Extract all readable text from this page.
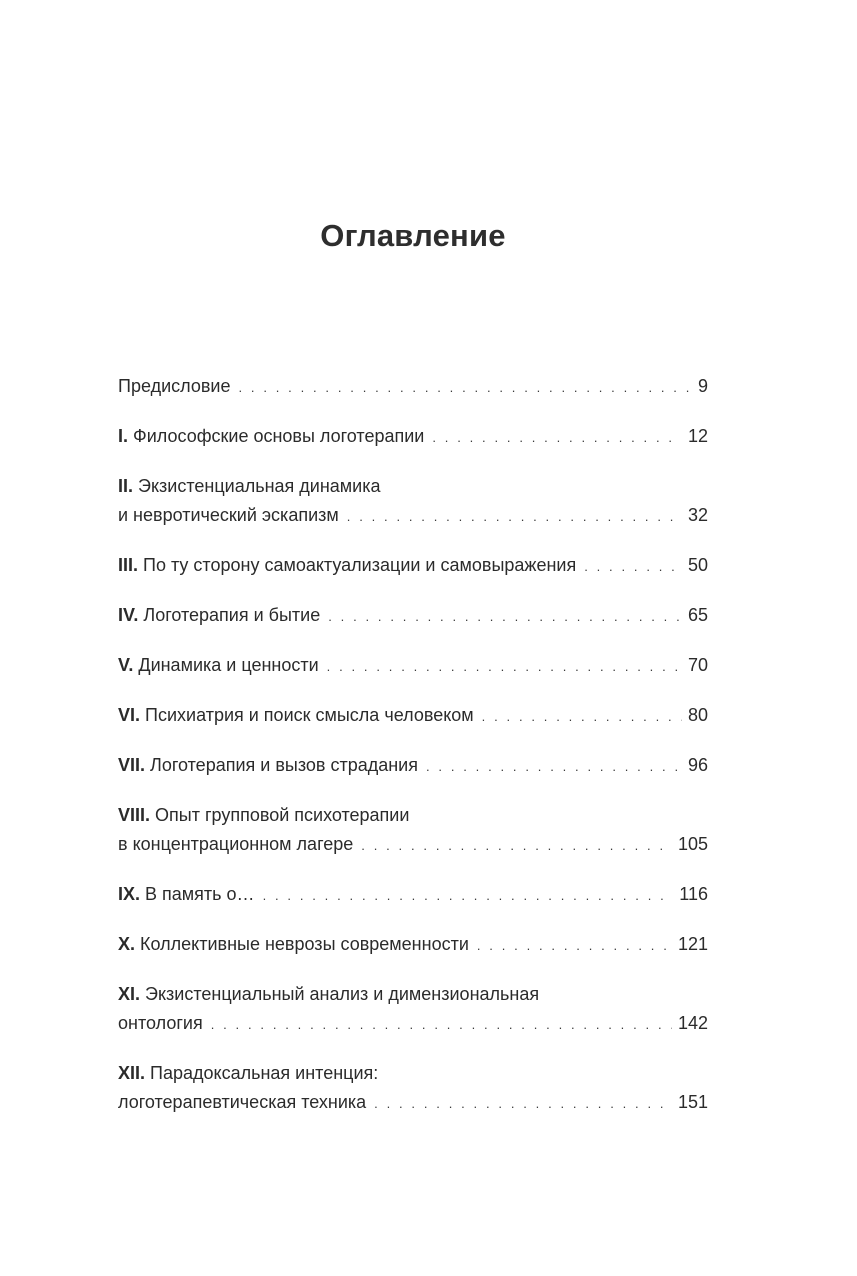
Оглавление
Предисловие . . .	9
I.
Философские основы логотерапии . . .	12
II.
Экзистенциальная динамика
и невротический эскапизм . . .	32
III.
По ту сторону самоактуализации и самовыражения . . .	50
IV.
Логотерапия и бытие . . .	65
V.
Динамика и ценности . . .	70
VI.
Психиатрия и поиск смысла человеком . . .	80
VII.
Логотерапия и вызов страдания . . .	96
VIII.
Опыт групповой психотерапии
в концентрационном лагере . . .	105
IX.
В память о… . . .	116
X.
Коллективные неврозы современности . . .	121
XI.
Экзистенциальный анализ и димензиональная
онтология . . .	142
XII.
Парадоксальная интенция:
логотерапевтическая техника . . .	151
